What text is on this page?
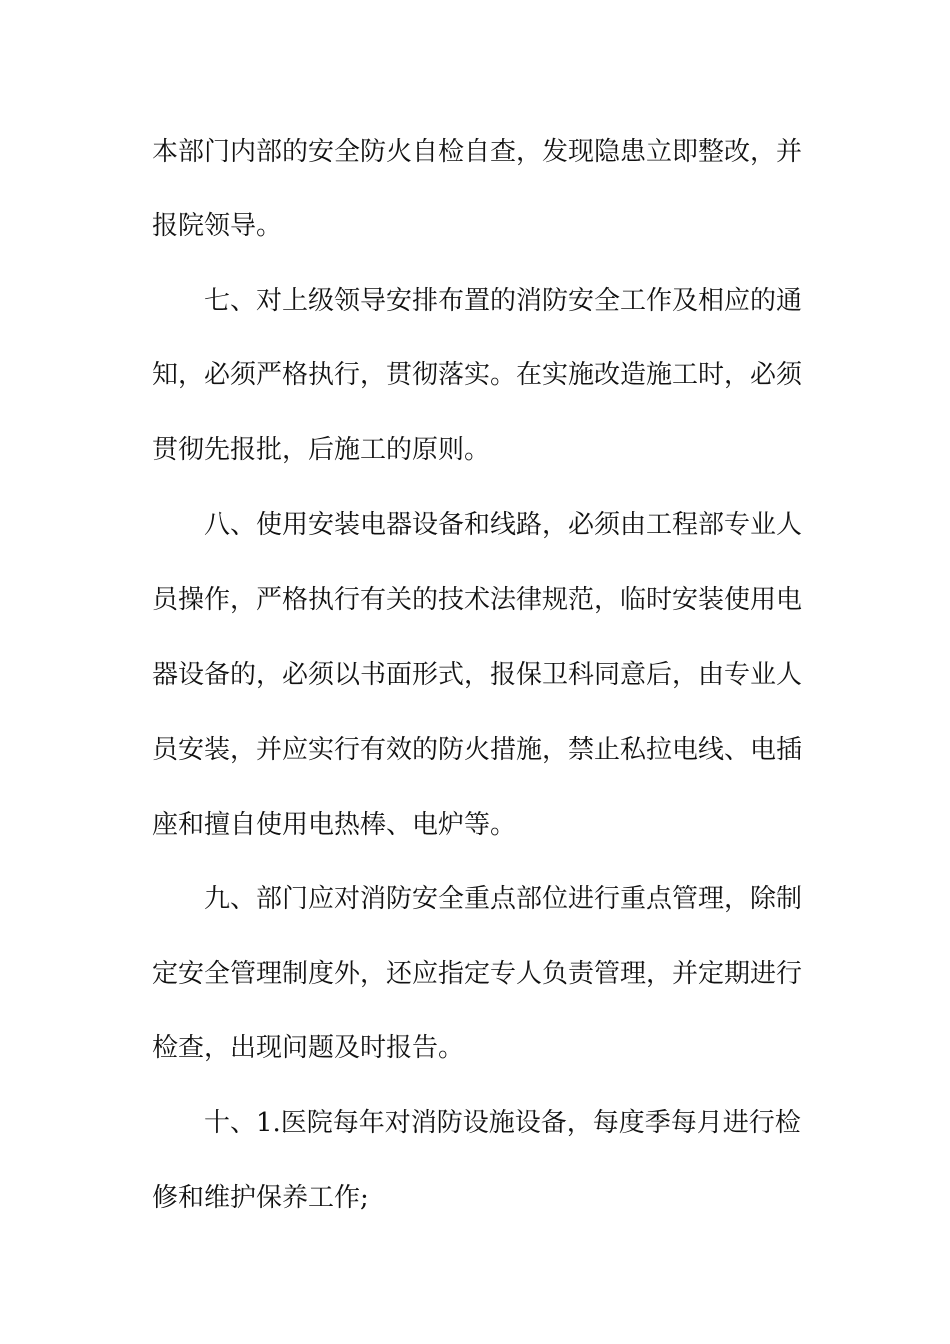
本部门内部的安全防火自检自查，发现隐患立即整改，并
报院领导。
七、对上级领导安排布置的消防安全工作及相应的通
知，必须严格执行，贯彻落实。在实施改造施工时，必须
贯彻先报批，后施工的原则。
八、使用安装电器设备和线路，必须由工程部专业人
员操作，严格执行有关的技术法律规范，临时安装使用电
器设备的，必须以书面形式，报保卫科同意后，由专业人
员安装，并应实行有效的防火措施，禁止私拉电线、电插
座和擅自使用电热棒、电炉等。
九、部门应对消防安全重点部位进行重点管理，除制
定安全管理制度外，还应指定专人负责管理，并定期进行
检查，出现问题及时报告。
十、1.医院每年对消防设施设备，每度季每月进行检
修和维护保养工作;
